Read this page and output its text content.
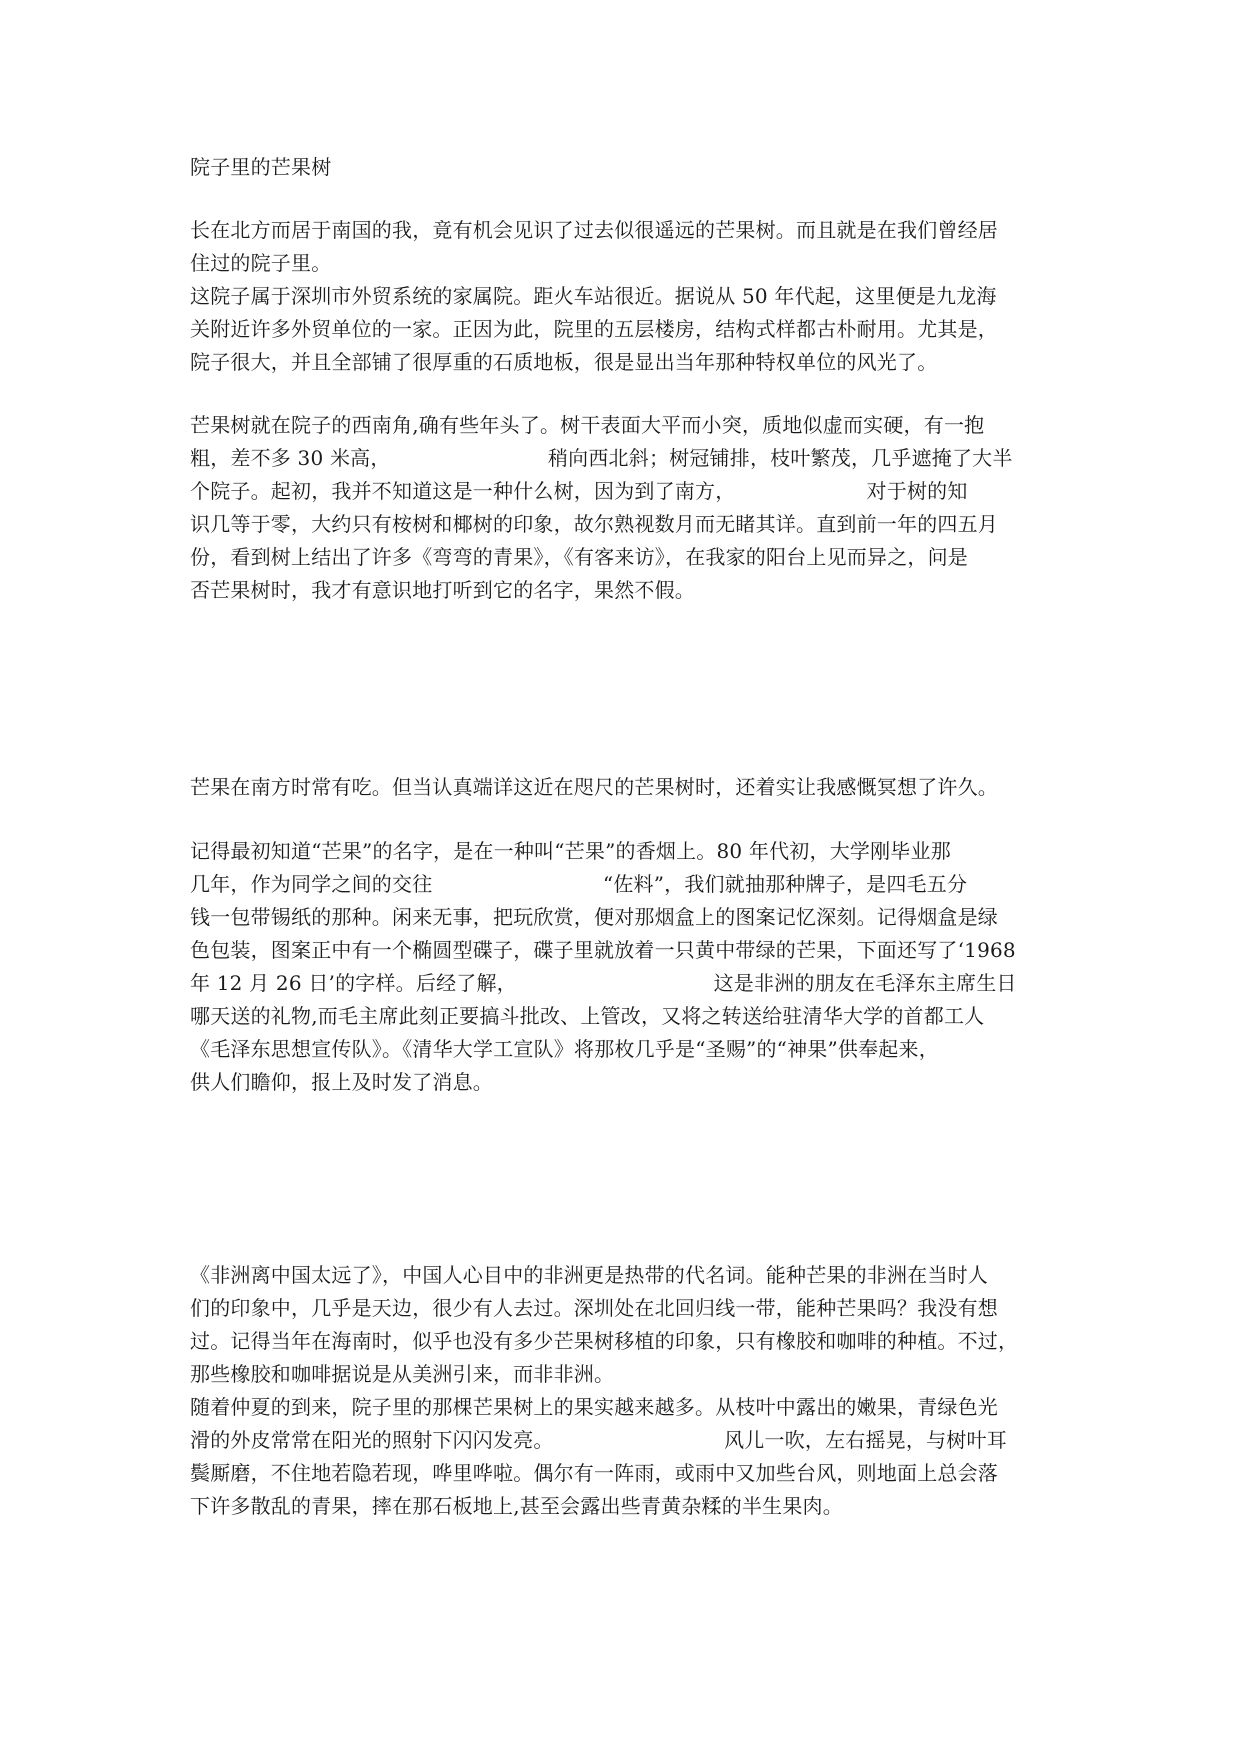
院子里的芒果树
长在北方而居于南国的我，竟有机会见识了过去似很遥远的芒果树。而且就是在我们曾经居
住过的院子里。
这院子属于深圳市外贸系统的家属院。距火车站很近。据说从 50 年代起，这里便是九龙海
关附近许多外贸单位的一家。正因为此，院里的五层楼房，结构式样都古朴耐用。尤其是，
院子很大，并且全部铺了很厚重的石质地板，很是显出当年那种特权单位的风光了。
芒果树就在院子的西南角,确有些年头了。树干表面大平而小突，质地似虚而实硬，有一抱
粗，差不多 30 米高，                        稍向西北斜；树冠铺排，枝叶繁茂，几乎遮掩了大半
个院子。起初，我并不知道这是一种什么树，因为到了南方，                    对于树的知
识几等于零，大约只有桉树和椰树的印象，故尔熟视数月而无睹其详。直到前一年的四五月
份，看到树上结出了许多《弯弯的青果》，《有客来访》，在我家的阳台上见而异之，问是
否芒果树时，我才有意识地打听到它的名字，果然不假。
芒果在南方时常有吃。但当认真端详这近在咫尺的芒果树时，还着实让我感慨冥想了许久。
记得最初知道“芒果”的名字，是在一种叫“芒果”的香烟上。80 年代初，大学刚毕业那
几年，作为同学之间的交往                          “佐料”，我们就抽那种牌子，是四毛五分
钱一包带锡纸的那种。闲来无事，把玩欣赏，便对那烟盒上的图案记忆深刻。记得烟盒是绿
色包装，图案正中有一个椭圆型碟子，碟子里就放着一只黄中带绿的芒果，下面还写了‘1968
年 12 月 26 日’的字样。后经了解，                              这是非洲的朋友在毛泽东主席生日
哪天送的礼物,而毛主席此刻正要搞斗批改、上管改，又将之转送给驻清华大学的首都工人
《毛泽东思想宣传队》。《清华大学工宣队》将那枚几乎是“圣赐”的“神果”供奉起来，
供人们瞻仰，报上及时发了消息。
《非洲离中国太远了》，中国人心目中的非洲更是热带的代名词。能种芒果的非洲在当时人
们的印象中，几乎是天边，很少有人去过。深圳处在北回归线一带，能种芒果吗？我没有想
过。记得当年在海南时，似乎也没有多少芒果树移植的印象，只有橡胶和咖啡的种植。不过，
那些橡胶和咖啡据说是从美洲引来，而非非洲。
随着仲夏的到来，院子里的那棵芒果树上的果实越来越多。从枝叶中露出的嫩果，青绿色光
滑的外皮常常在阳光的照射下闪闪发亮。                          风儿一吹，左右摇晃，与树叶耳
鬓厮磨，不住地若隐若现，哗里哗啦。偶尔有一阵雨，或雨中又加些台风，则地面上总会落
下许多散乱的青果，摔在那石板地上,甚至会露出些青黄杂糅的半生果肉。
